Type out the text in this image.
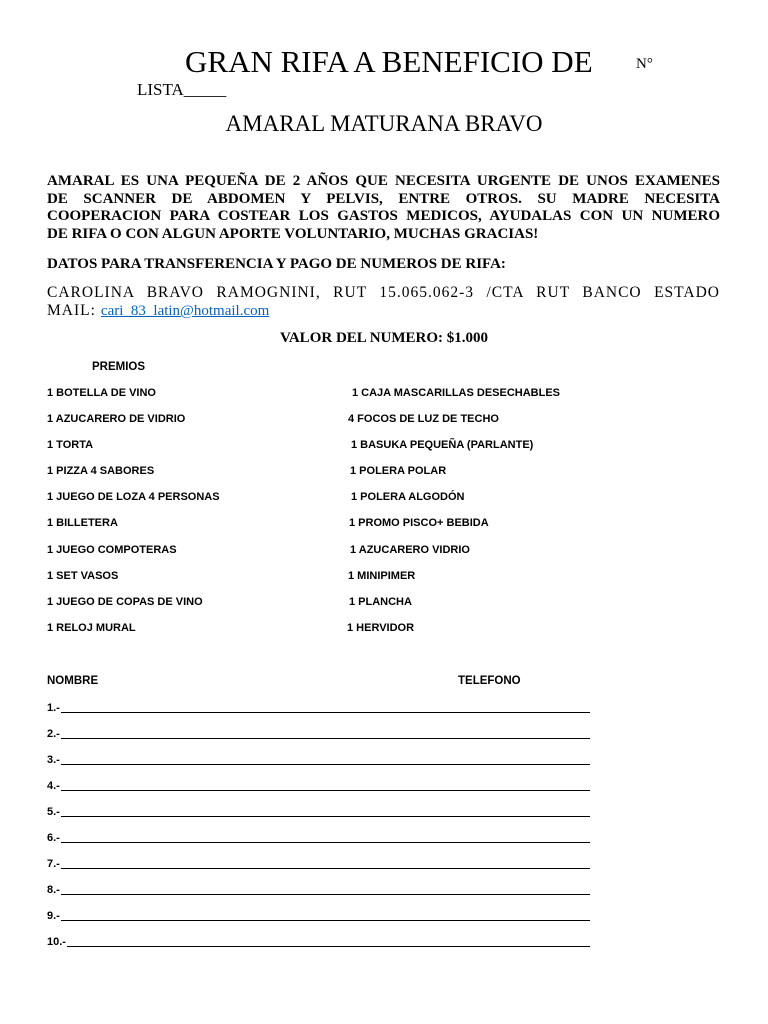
GRAN RIFA A BENEFICIO DE	N°
LISTA_____
AMARAL MATURANA BRAVO
AMARAL ES UNA PEQUEÑA DE 2 AÑOS QUE NECESITA URGENTE DE UNOS EXAMENES
DE SCANNER DE ABDOMEN Y PELVIS, ENTRE OTROS. SU MADRE NECESITA
COOPERACION PARA COSTEAR LOS GASTOS MEDICOS, AYUDALAS CON UN NUMERO
DE RIFA O CON ALGUN APORTE VOLUNTARIO, MUCHAS GRACIAS!
DATOS PARA TRANSFERENCIA Y PAGO DE NUMEROS DE RIFA:
CAROLINA BRAVO RAMOGNINI, RUT 15.065.062-3 /CTA RUT BANCO ESTADO
MAIL: cari_83_latin@hotmail.com
VALOR DEL NUMERO: $1.000
PREMIOS
1 BOTELLA DE VINO	1 CAJA MASCARILLAS DESECHABLES
1 AZUCARERO DE VIDRIO	4 FOCOS DE LUZ DE TECHO
1 TORTA	1 BASUKA PEQUEÑA (PARLANTE)
1 PIZZA 4 SABORES	1 POLERA POLAR
1 JUEGO DE LOZA 4 PERSONAS	1 POLERA ALGODÓN
1 BILLETERA	1 PROMO PISCO+ BEBIDA
1 JUEGO COMPOTERAS	1 AZUCARERO VIDRIO
1 SET VASOS	1 MINIPIMER
1 JUEGO DE COPAS DE VINO	1 PLANCHA
1 RELOJ MURAL	1 HERVIDOR
NOMBRE	TELEFONO
1.-
2.-
3.-
4.-
5.-
6.-
7.-
8.-
9.-
10.-
